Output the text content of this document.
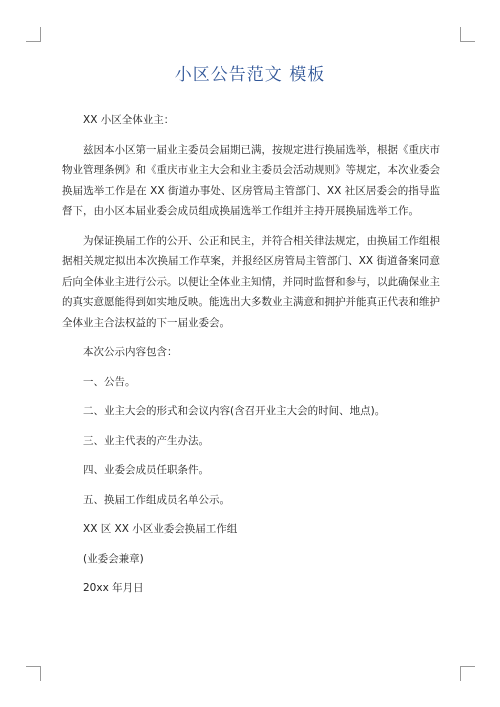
小区公告范文 模板

XX 小区全体业主：

兹因本小区第一届业主委员会届期已满，按规定进行换届选举，根据《重庆市物业管理条例》和《重庆市业主大会和业主委员会活动规则》等规定，本次业委会换届选举工作是在 XX 街道办事处、区房管局主管部门、XX 社区居委会的指导监督下，由小区本届业委会成员组成换届选举工作组并主持开展换届选举工作。

为保证换届工作的公开、公正和民主，并符合相关律法规定，由换届工作组根据相关规定拟出本次换届工作草案，并报经区房管局主管部门、XX 街道备案同意后向全体业主进行公示。以便让全体业主知情，并同时监督和参与，以此确保业主的真实意愿能得到如实地反映。能选出大多数业主满意和拥护并能真正代表和维护全体业主合法权益的下一届业委会。

本次公示内容包含：

一、公告。

二、业主大会的形式和会议内容(含召开业主大会的时间、地点)。

三、业主代表的产生办法。

四、业委会成员任职条件。

五、换届工作组成员名单公示。

XX 区 XX 小区业委会换届工作组

(业委会兼章)

20xx 年月日
